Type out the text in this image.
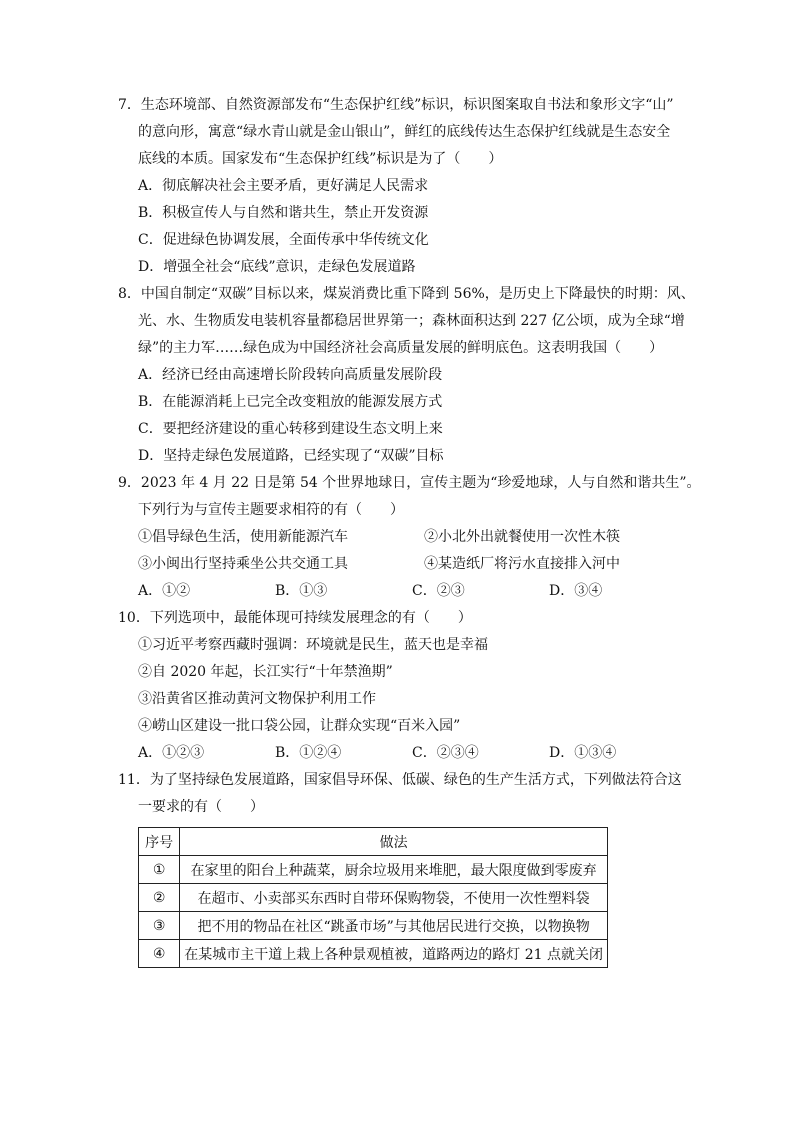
7．生态环境部、自然资源部发布“生态保护红线”标识，标识图案取自书法和象形文字“山”
的意向形，寓意“绿水青山就是金山银山”，鲜红的底线传达生态保护红线就是生态安全
底线的本质。国家发布“生态保护红线”标识是为了（　　）
A．彻底解决社会主要矛盾，更好满足人民需求
B．积极宣传人与自然和谐共生，禁止开发资源
C．促进绿色协调发展，全面传承中华传统文化
D．增强全社会“底线”意识，走绿色发展道路
8．中国自制定“双碳”目标以来，煤炭消费比重下降到 56%，是历史上下降最快的时期：风、
光、水、生物质发电装机容量都稳居世界第一；森林面积达到 227 亿公顷，成为全球“增
绿”的主力军……绿色成为中国经济社会高质量发展的鲜明底色。这表明我国（　　）
A．经济已经由高速增长阶段转向高质量发展阶段
B．在能源消耗上已完全改变粗放的能源发展方式
C．要把经济建设的重心转移到建设生态文明上来
D．坚持走绿色发展道路，已经实现了“双碳”目标
9．2023 年 4 月 22 日是第 54 个世界地球日，宣传主题为“珍爱地球，人与自然和谐共生”。
下列行为与宣传主题要求相符的有（　　）
①倡导绿色生活，使用新能源汽车	②小北外出就餐使用一次性木筷
③小闽出行坚持乘坐公共交通工具	④某造纸厂将污水直接排入河中
A．①②	B．①③	C．②③	D．③④
10．下列选项中，最能体现可持续发展理念的有（　　）
①习近平考察西藏时强调：环境就是民生，蓝天也是幸福
②自 2020 年起，长江实行“十年禁渔期”
③沿黄省区推动黄河文物保护利用工作
④崂山区建设一批口袋公园，让群众实现“百米入园”
A．①②③	B．①②④	C．②③④	D．①③④
11．为了坚持绿色发展道路，国家倡导环保、低碳、绿色的生产生活方式，下列做法符合这
一要求的有（　　）
序号	做法
①	在家里的阳台上种蔬菜，厨余垃圾用来堆肥，最大限度做到零废弃
②	在超市、小卖部买东西时自带环保购物袋，不使用一次性塑料袋
③	把不用的物品在社区“跳蚤市场”与其他居民进行交换，以物换物
④	在某城市主干道上栽上各种景观植被，道路两边的路灯 21 点就关闭
